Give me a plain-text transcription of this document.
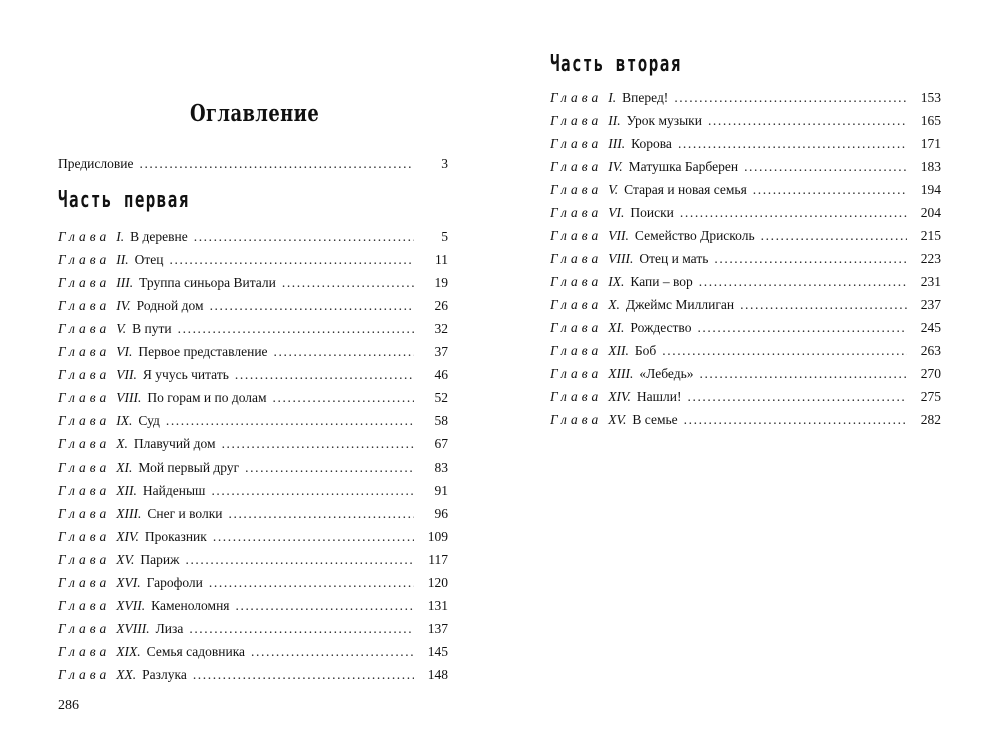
Оглавление
Предисловие .....	3
Часть первая
Глава I. В деревне .....	5
Глава II. Отец .....	11
Глава III. Труппа синьора Витали .....	19
Глава IV. Родной дом .....	26
Глава V. В пути .....	32
Глава VI. Первое представление .....	37
Глава VII. Я учусь читать .....	46
Глава VIII. По горам и по долам .....	52
Глава IX. Суд .....	58
Глава X. Плавучий дом .....	67
Глава XI. Мой первый друг .....	83
Глава XII. Найденыш .....	91
Глава XIII. Снег и волки .....	96
Глава XIV. Проказник .....	109
Глава XV. Париж .....	117
Глава XVI. Гарофоли .....	120
Глава XVII. Каменоломня .....	131
Глава XVIII. Лиза .....	137
Глава XIX. Семья садовника .....	145
Глава XX. Разлука .....	148
286
Часть вторая
Глава I. Вперед! .....	153
Глава II. Урок музыки .....	165
Глава III. Корова .....	171
Глава IV. Матушка Барберен .....	183
Глава V. Старая и новая семья .....	194
Глава VI. Поиски .....	204
Глава VII. Семейство Дрисколь .....	215
Глава VIII. Отец и мать .....	223
Глава IX. Капи – вор .....	231
Глава X. Джеймс Миллиган .....	237
Глава XI. Рождество .....	245
Глава XII. Боб .....	263
Глава XIII. «Лебедь» .....	270
Глава XIV. Нашли! .....	275
Глава XV. В семье .....	282
